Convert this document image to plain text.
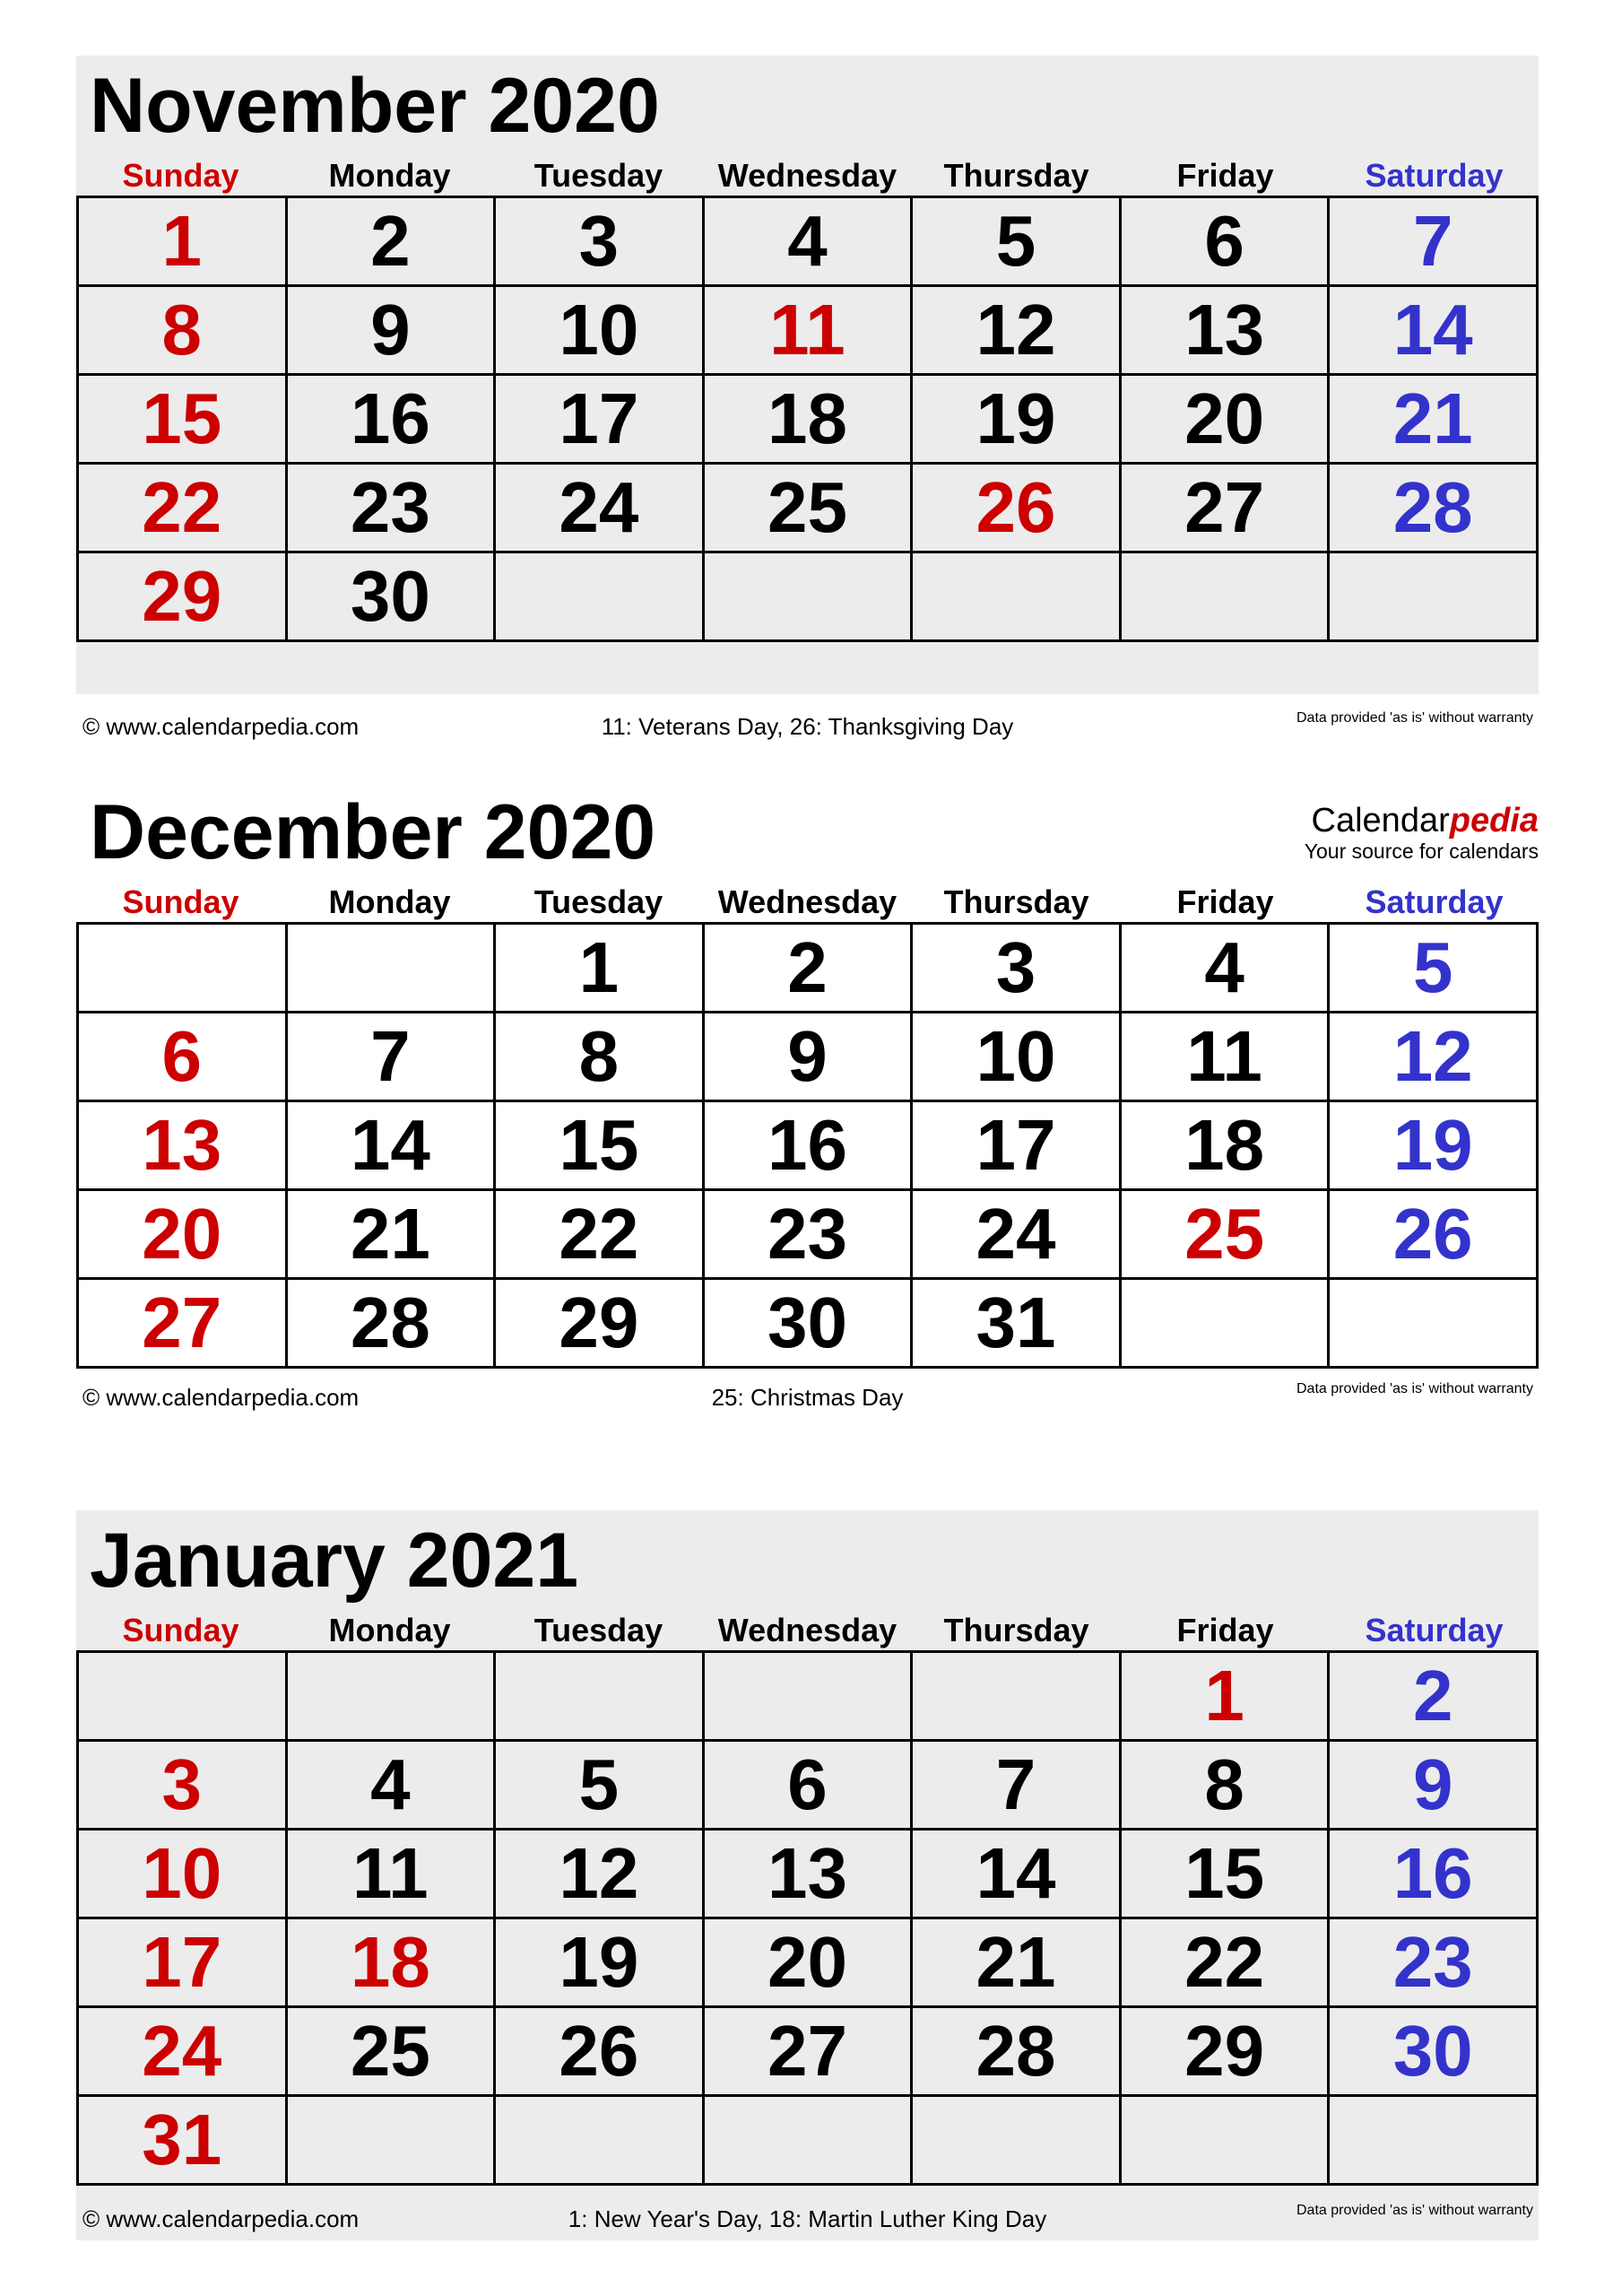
November 2020
Sunday	Monday	Tuesday	Wednesday	Thursday	Friday	Saturday
1	2	3	4	5	6	7
8	9	10	11	12	13	14
15	16	17	18	19	20	21
22	23	24	25	26	27	28
29	30					
© www.calendarpedia.com	11: Veterans Day, 26: Thanksgiving Day	Data provided 'as is' without warranty
December 2020	Calendarpedia
Your source for calendars
Sunday	Monday	Tuesday	Wednesday	Thursday	Friday	Saturday
		1	2	3	4	5
6	7	8	9	10	11	12
13	14	15	16	17	18	19
20	21	22	23	24	25	26
27	28	29	30	31		
© www.calendarpedia.com	25: Christmas Day	Data provided 'as is' without warranty
January 2021
Sunday	Monday	Tuesday	Wednesday	Thursday	Friday	Saturday
					1	2
3	4	5	6	7	8	9
10	11	12	13	14	15	16
17	18	19	20	21	22	23
24	25	26	27	28	29	30
31						
© www.calendarpedia.com	1: New Year's Day, 18: Martin Luther King Day	Data provided 'as is' without warranty
